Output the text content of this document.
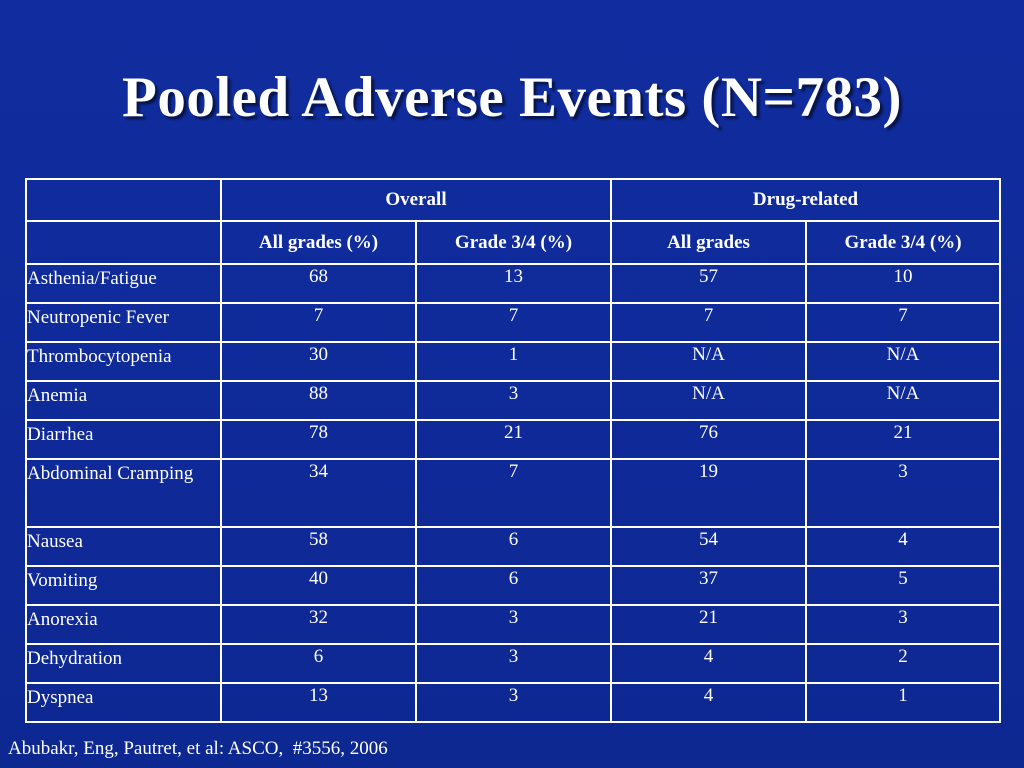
Pooled Adverse Events (N=783)
	Overall		Drug-related	
	All grades (%)	Grade 3/4 (%)	All grades	Grade 3/4 (%)
Asthenia/Fatigue	68	13	57	10
Neutropenic Fever	7	7	7	7
Thrombocytopenia	30	1	N/A	N/A
Anemia	88	3	N/A	N/A
Diarrhea	78	21	76	21
Abdominal Cramping	34	7	19	3
Nausea	58	6	54	4
Vomiting	40	6	37	5
Anorexia	32	3	21	3
Dehydration	6	3	4	2
Dyspnea	13	3	4	1
Abubakr, Eng, Pautret, et al: ASCO,  #3556, 2006
